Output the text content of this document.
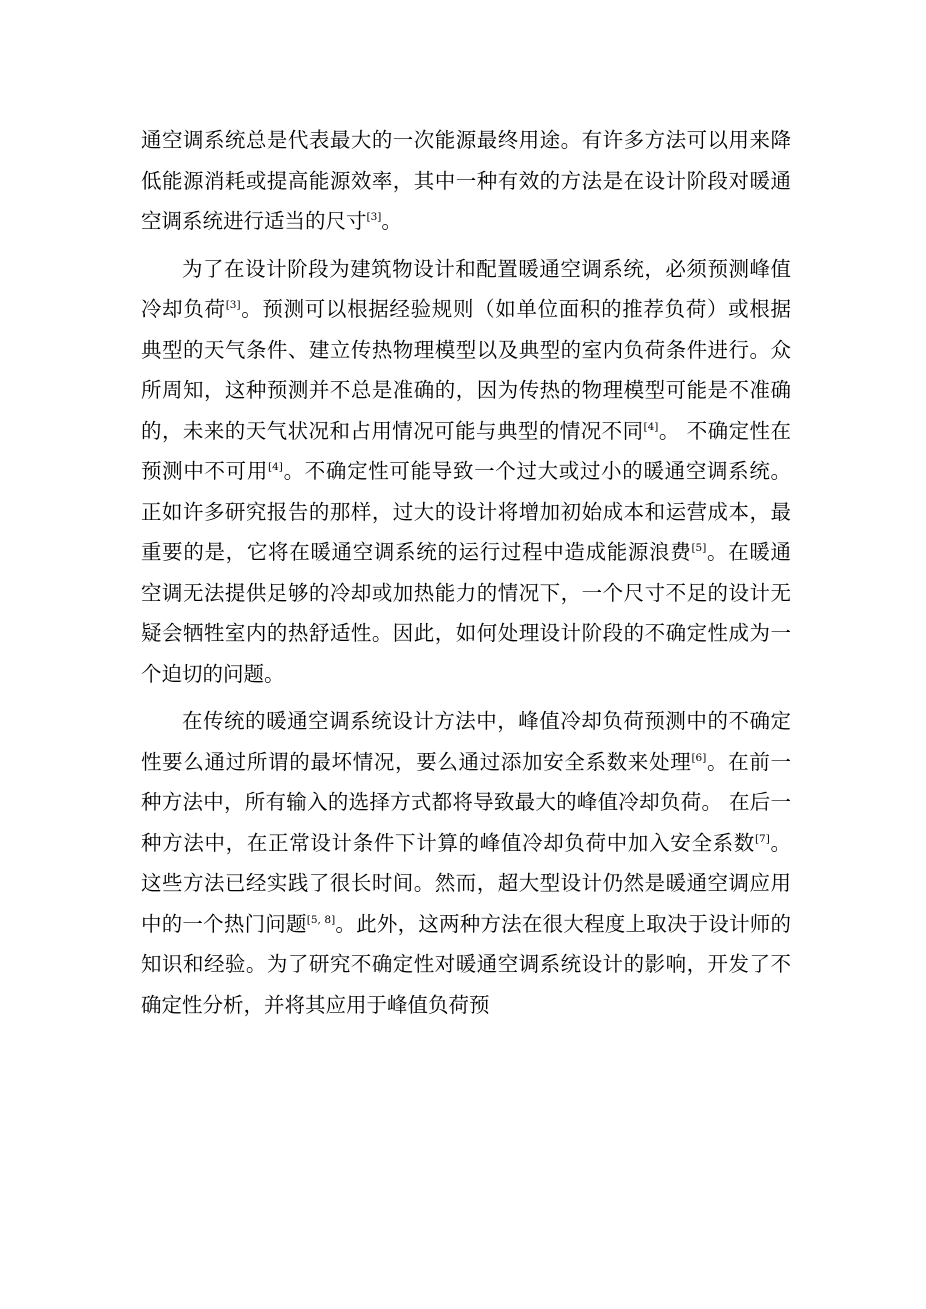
通空调系统总是代表最大的一次能源最终用途。有许多方法可以用来降低能源消耗或提高能源效率，其中一种有效的方法是在设计阶段对暖通空调系统进行适当的尺寸[3]。

为了在设计阶段为建筑物设计和配置暖通空调系统，必须预测峰值冷却负荷[3]。预测可以根据经验规则（如单位面积的推荐负荷）或根据典型的天气条件、建立传热物理模型以及典型的室内负荷条件进行。众所周知，这种预测并不总是准确的，因为传热的物理模型可能是不准确的，未来的天气状况和占用情况可能与典型的情况不同[4]。 不确定性在预测中不可用[4]。不确定性可能导致一个过大或过小的暖通空调系统。正如许多研究报告的那样，过大的设计将增加初始成本和运营成本，最重要的是，它将在暖通空调系统的运行过程中造成能源浪费[5]。在暖通空调无法提供足够的冷却或加热能力的情况下，一个尺寸不足的设计无疑会牺牲室内的热舒适性。因此，如何处理设计阶段的不确定性成为一个迫切的问题。

在传统的暖通空调系统设计方法中，峰值冷却负荷预测中的不确定性要么通过所谓的最坏情况，要么通过添加安全系数来处理[6]。在前一种方法中，所有输入的选择方式都将导致最大的峰值冷却负荷。 在后一种方法中，在正常设计条件下计算的峰值冷却负荷中加入安全系数[7]。这些方法已经实践了很长时间。然而，超大型设计仍然是暖通空调应用中的一个热门问题[5, 8]。此外，这两种方法在很大程度上取决于设计师的知识和经验。为了研究不确定性对暖通空调系统设计的影响，开发了不确定性分析，并将其应用于峰值负荷预
